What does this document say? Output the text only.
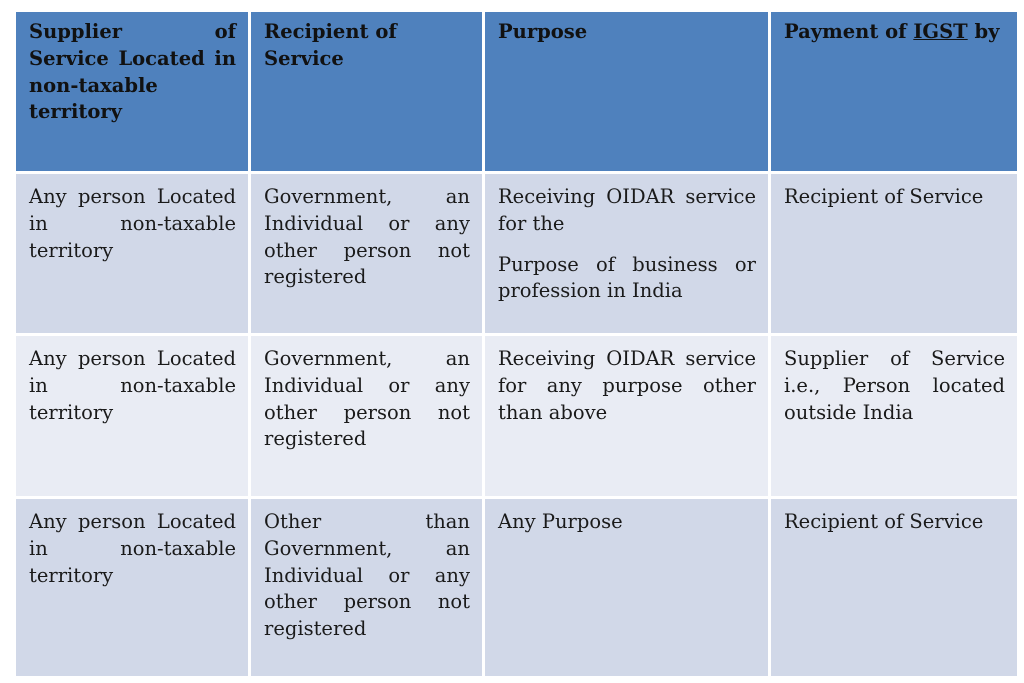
Supplier of Service Located in non-taxable territory
Recipient of Service
Purpose	Payment of IGST by
Any person Located in non-taxable territory
Government, an Individual or any other person not registered
Receiving OIDAR service for the
Purpose of business or profession in India
Recipient of Service
Any person Located in non-taxable territory
Government, an Individual or any other person not registered
Receiving OIDAR service for any purpose other than above
Supplier of Service i.e., Person located outside India
Any person Located in non-taxable territory
Other than Government, an Individual or any other person not registered
Any Purpose	Recipient of Service
